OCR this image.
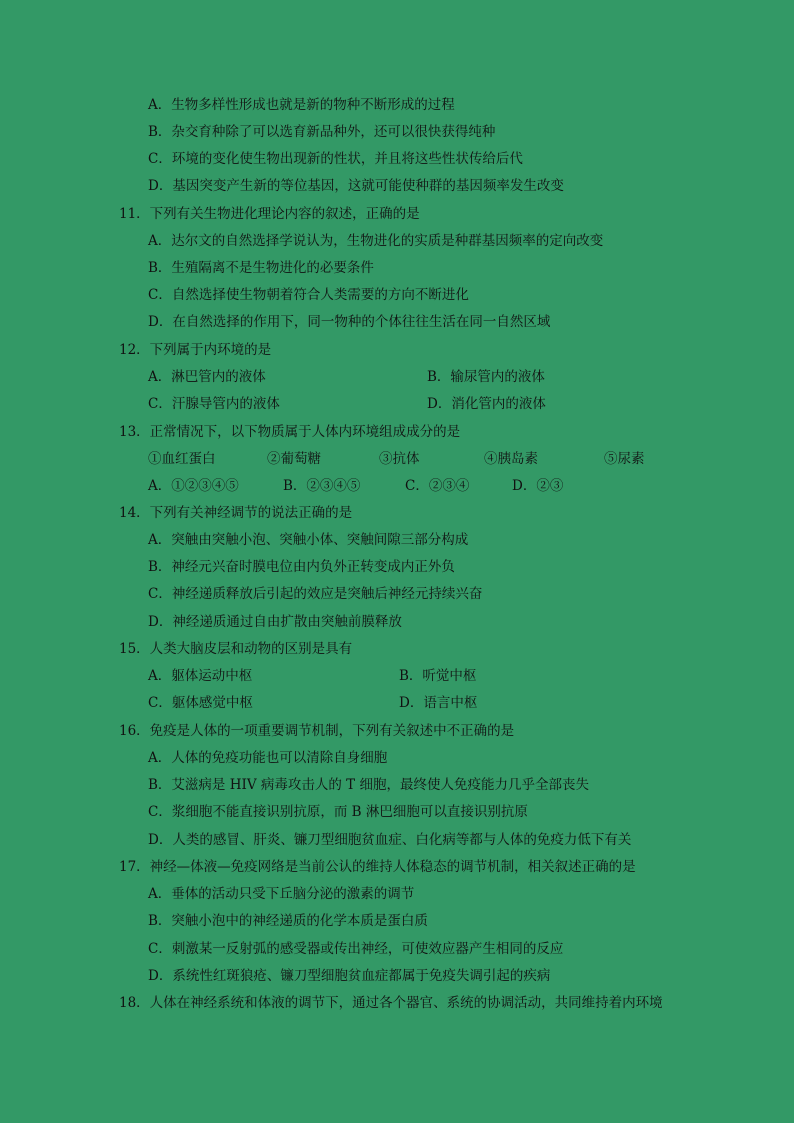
A．生物多样性形成也就是新的物种不断形成的过程
B．杂交育种除了可以选育新品种外，还可以很快获得纯种
C．环境的变化使生物出现新的性状，并且将这些性状传给后代
D．基因突变产生新的等位基因，这就可能使种群的基因频率发生改变
11．下列有关生物进化理论内容的叙述，正确的是
A．达尔文的自然选择学说认为，生物进化的实质是种群基因频率的定向改变
B．生殖隔离不是生物进化的必要条件
C．自然选择使生物朝着符合人类需要的方向不断进化
D．在自然选择的作用下，同一物种的个体往往生活在同一自然区域
12．下列属于内环境的是
A．淋巴管内的液体	B．输尿管内的液体
C．汗腺导管内的液体	D．消化管内的液体
13．正常情况下，以下物质属于人体内环境组成成分的是
①血红蛋白	②葡萄糖	③抗体	④胰岛素	⑤尿素
A．①②③④⑤	B．②③④⑤	C．②③④	D．②③
14．下列有关神经调节的说法正确的是
A．突触由突触小泡、突触小体、突触间隙三部分构成
B．神经元兴奋时膜电位由内负外正转变成内正外负
C．神经递质释放后引起的效应是突触后神经元持续兴奋
D．神经递质通过自由扩散由突触前膜释放
15．人类大脑皮层和动物的区别是具有
A．躯体运动中枢	B．听觉中枢
C．躯体感觉中枢	D．语言中枢
16．免疫是人体的一项重要调节机制，下列有关叙述中不正确的是
A．人体的免疫功能也可以清除自身细胞
B．艾滋病是 HIV 病毒攻击人的 T 细胞，最终使人免疫能力几乎全部丧失
C．浆细胞不能直接识别抗原，而 B 淋巴细胞可以直接识别抗原
D．人类的感冒、肝炎、镰刀型细胞贫血症、白化病等都与人体的免疫力低下有关
17．神经—体液—免疫网络是当前公认的维持人体稳态的调节机制，相关叙述正确的是
A．垂体的活动只受下丘脑分泌的激素的调节
B．突触小泡中的神经递质的化学本质是蛋白质
C．刺激某一反射弧的感受器或传出神经，可使效应器产生相同的反应
D．系统性红斑狼疮、镰刀型细胞贫血症都属于免疫失调引起的疾病
18．人体在神经系统和体液的调节下，通过各个器官、系统的协调活动，共同维持着内环境
